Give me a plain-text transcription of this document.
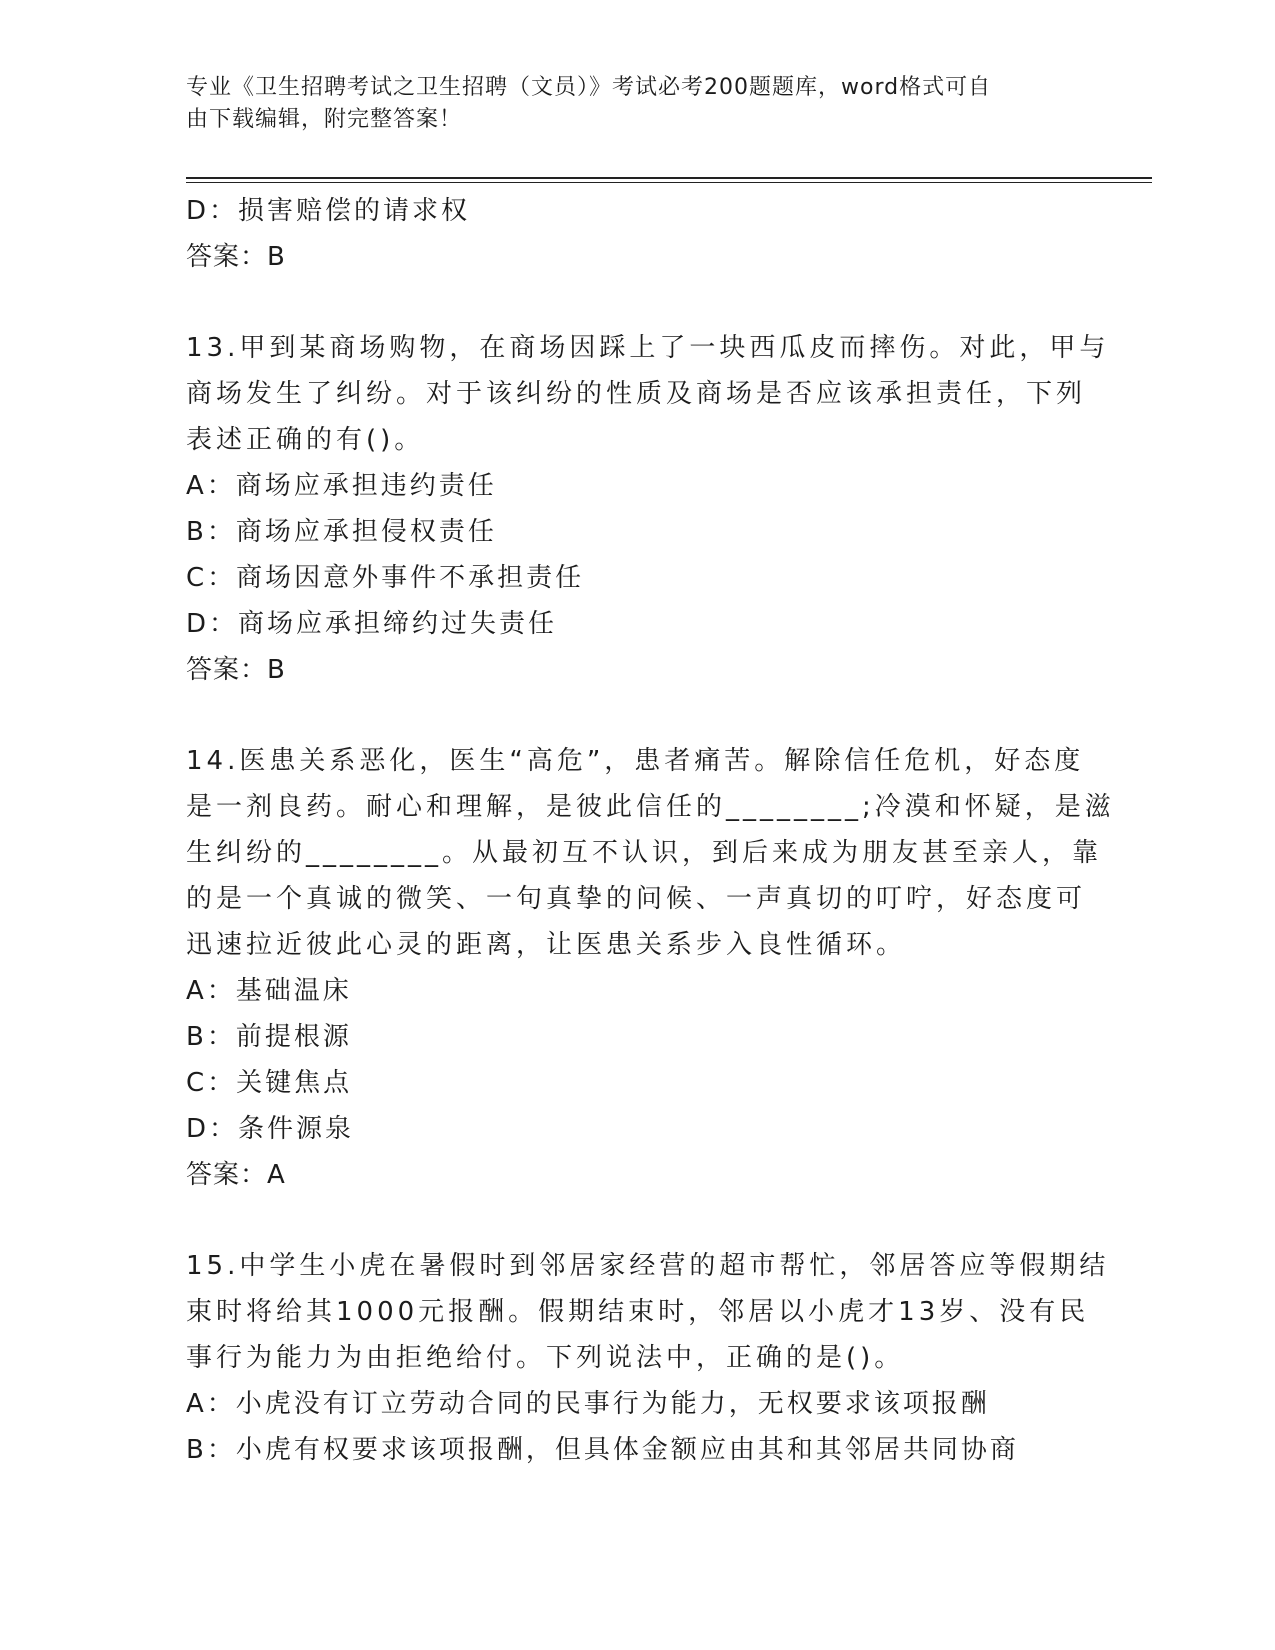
专业《卫生招聘考试之卫生招聘（文员）》考试必考200题题库，word格式可自
由下载编辑，附完整答案！
D：损害赔偿的请求权
答案：B
13.甲到某商场购物，在商场因踩上了一块西瓜皮而摔伤。对此，甲与
商场发生了纠纷。对于该纠纷的性质及商场是否应该承担责任，下列
表述正确的有()。
A：商场应承担违约责任
B：商场应承担侵权责任
C：商场因意外事件不承担责任
D：商场应承担缔约过失责任
答案：B
14.医患关系恶化，医生“高危”，患者痛苦。解除信任危机，好态度
是一剂良药。耐心和理解，是彼此信任的________;冷漠和怀疑，是滋
生纠纷的________。从最初互不认识，到后来成为朋友甚至亲人，靠
的是一个真诚的微笑、一句真挚的问候、一声真切的叮咛，好态度可
迅速拉近彼此心灵的距离，让医患关系步入良性循环。
A：基础温床
B：前提根源
C：关键焦点
D：条件源泉
答案：A
15.中学生小虎在暑假时到邻居家经营的超市帮忙，邻居答应等假期结
束时将给其1000元报酬。假期结束时，邻居以小虎才13岁、没有民
事行为能力为由拒绝给付。下列说法中，正确的是()。
A：小虎没有订立劳动合同的民事行为能力，无权要求该项报酬
B：小虎有权要求该项报酬，但具体金额应由其和其邻居共同协商
